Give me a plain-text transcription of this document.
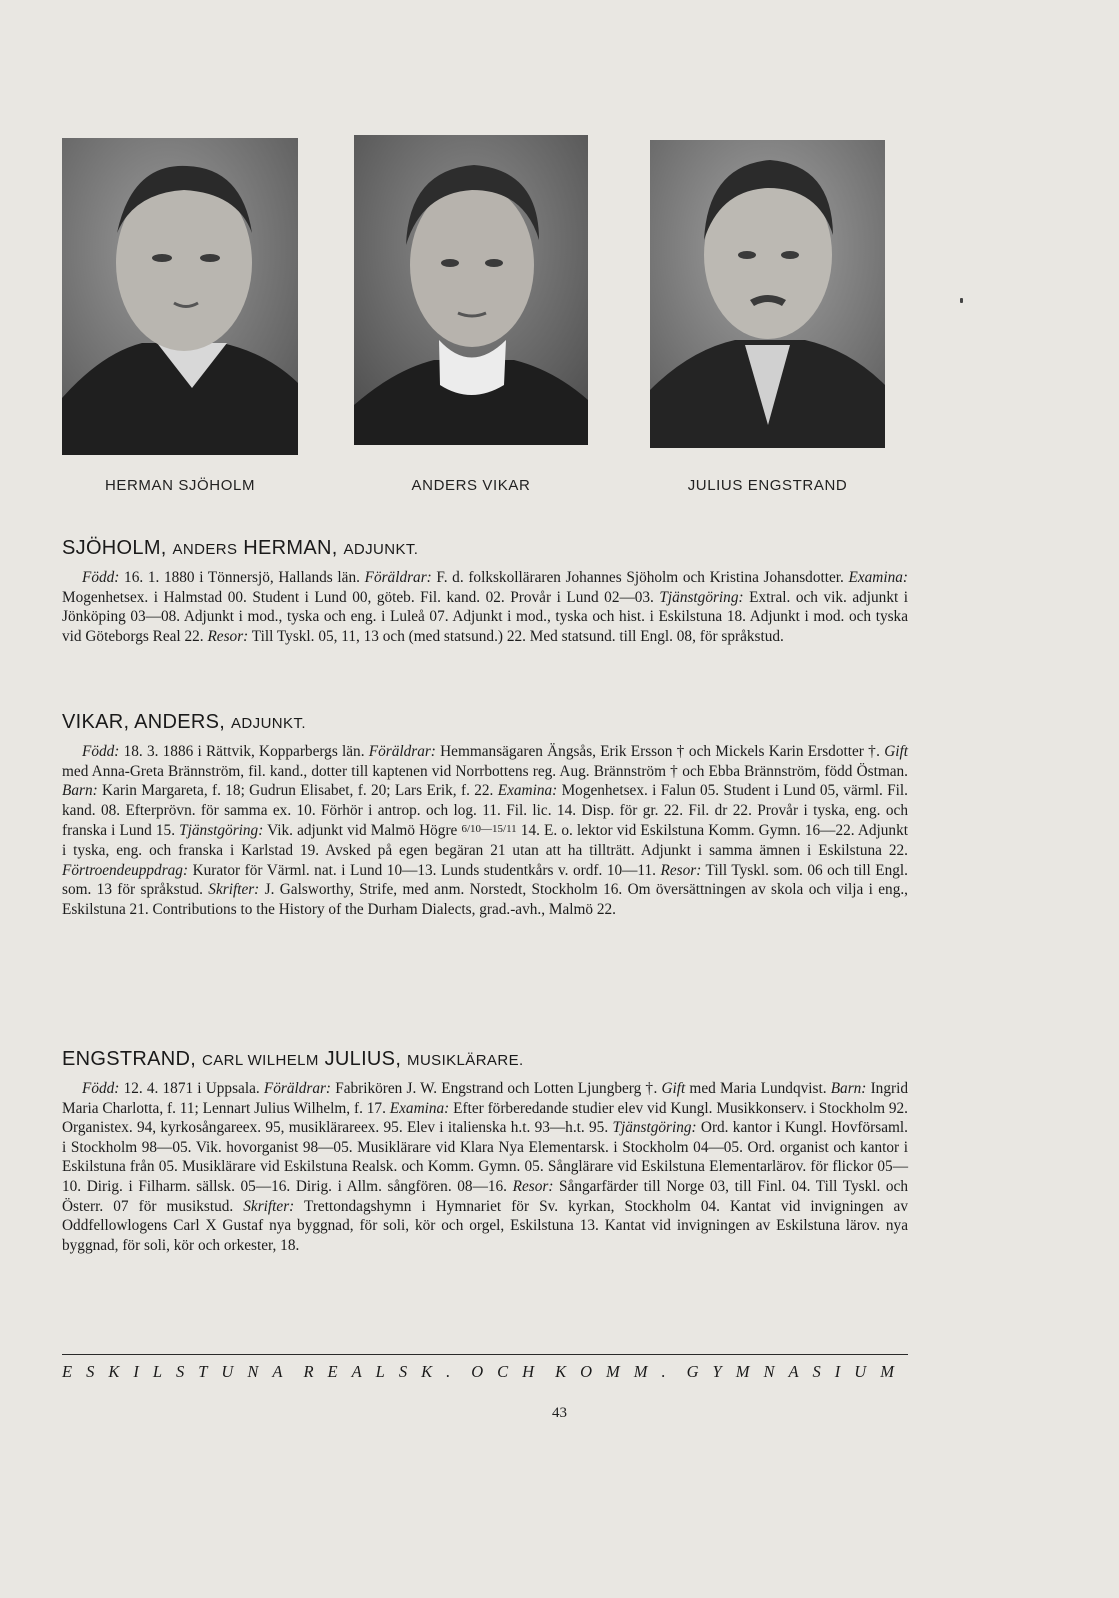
HERMAN SJÖHOLM	ANDERS VIKAR	JULIUS ENGSTRAND

SJÖHOLM, ANDERS HERMAN, ADJUNKT.

Född: 16. 1. 1880 i Tönnersjö, Hallands län. Föräldrar: F. d. folkskolläraren Johannes Sjöholm och Kristina Johansdotter. Examina: Mogenhetsex. i Halmstad 00. Student i Lund 00, göteb. Fil. kand. 02. Provår i Lund 02—03. Tjänstgöring: Extral. och vik. adjunkt i Jönköping 03—08. Adjunkt i mod., tyska och eng. i Luleå 07. Adjunkt i mod., tyska och hist. i Eskilstuna 18. Adjunkt i mod. och tyska vid Göteborgs Real 22. Resor: Till Tyskl. 05, 11, 13 och (med statsund.) 22. Med statsund. till Engl. 08, för språkstud.

VIKAR, ANDERS, ADJUNKT.

Född: 18. 3. 1886 i Rättvik, Kopparbergs län. Föräldrar: Hemmansägaren Ängsås, Erik Ersson † och Mickels Karin Ersdotter †. Gift med Anna-Greta Brännström, fil. kand., dotter till kaptenen vid Norrbottens reg. Aug. Brännström † och Ebba Brännström, född Östman. Barn: Karin Margareta, f. 18; Gudrun Elisabet, f. 20; Lars Erik, f. 22. Examina: Mogenhetsex. i Falun 05. Student i Lund 05, värml. Fil. kand. 08. Efterprövn. för samma ex. 10. Förhör i antrop. och log. 11. Fil. lic. 14. Disp. för gr. 22. Fil. dr 22. Provår i tyska, eng. och franska i Lund 15. Tjänstgöring: Vik. adjunkt vid Malmö Högre 6/10—15/11 14. E. o. lektor vid Eskilstuna Komm. Gymn. 16—22. Adjunkt i tyska, eng. och franska i Karlstad 19. Avsked på egen begäran 21 utan att ha tillträtt. Adjunkt i samma ämnen i Eskilstuna 22. Förtroendeuppdrag: Kurator för Värml. nat. i Lund 10—13. Lunds studentkårs v. ordf. 10—11. Resor: Till Tyskl. som. 06 och till Engl. som. 13 för språkstud. Skrifter: J. Galsworthy, Strife, med anm. Norstedt, Stockholm 16. Om översättningen av skola och vilja i eng., Eskilstuna 21. Contributions to the History of the Durham Dialects, grad.-avh., Malmö 22.

ENGSTRAND, CARL WILHELM JULIUS, MUSIKLÄRARE.

Född: 12. 4. 1871 i Uppsala. Föräldrar: Fabrikören J. W. Engstrand och Lotten Ljungberg †. Gift med Maria Lundqvist. Barn: Ingrid Maria Charlotta, f. 11; Lennart Julius Wilhelm, f. 17. Examina: Efter förberedande studier elev vid Kungl. Musikkonserv. i Stockholm 92. Organistex. 94, kyrkosångareex. 95, musiklärareex. 95. Elev i italienska h.t. 93—h.t. 95. Tjänstgöring: Ord. kantor i Kungl. Hovförsaml. i Stockholm 98—05. Vik. hovorganist 98—05. Musiklärare vid Klara Nya Elementarsk. i Stockholm 04—05. Ord. organist och kantor i Eskilstuna från 05. Musiklärare vid Eskilstuna Realsk. och Komm. Gymn. 05. Sånglärare vid Eskilstuna Elementarlärov. för flickor 05—10. Dirig. i Filharm. sällsk. 05—16. Dirig. i Allm. sångfören. 08—16. Resor: Sångarfärder till Norge 03, till Finl. 04. Till Tyskl. och Österr. 07 för musikstud. Skrifter: Trettondagshymn i Hymnariet för Sv. kyrkan, Stockholm 04. Kantat vid invigningen av Oddfellowlogens Carl X Gustaf nya byggnad, för soli, kör och orgel, Eskilstuna 13. Kantat vid invigningen av Eskilstuna lärov. nya byggnad, för soli, kör och orkester, 18.

ESKILSTUNA REALSK. OCH KOMM. GYMNASIUM
43
